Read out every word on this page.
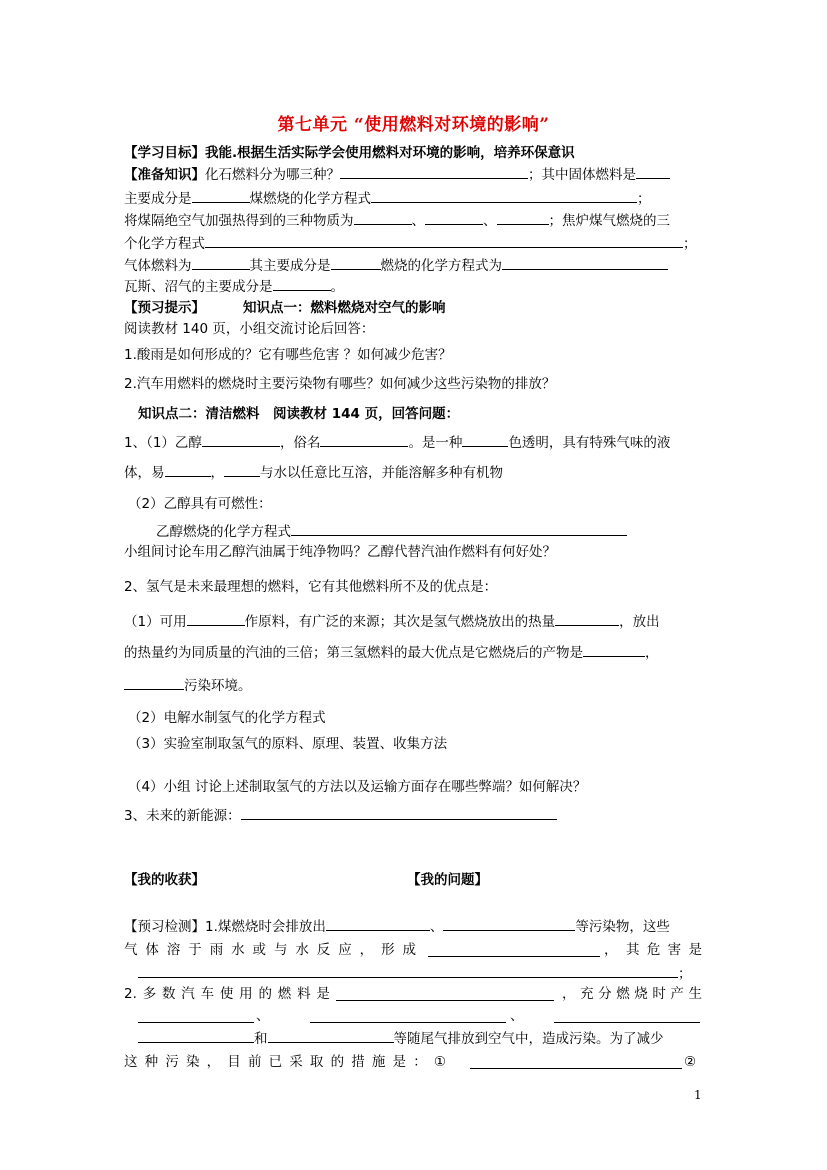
第七单元 “使用燃料对环境的影响”
【学习目标】我能.根据生活实际学会使用燃料对环境的影响，培养环保意识
【准备知识】化石燃料分为哪三种？	；其中固体燃料是
主要成分是	煤燃烧的化学方程式	；
将煤隔绝空气加强热得到的三种物质为	、	、	；焦炉煤气燃烧的三
个化学方程式	；
气体燃料为	其主要成分是	燃烧的化学方程式为
瓦斯、沼气的主要成分是	。
【预习提示】	知识点一：燃料燃烧对空气的影响
阅读教材 140 页，小组交流讨论后回答：
1.酸雨是如何形成的？它有哪些危害 ？如何减少危害？
2.汽车用燃料的燃烧时主要污染物有哪些？如何减少这些污染物的排放？
知识点二：清洁燃料　阅读教材 144 页，回答问题：
1、（1）乙醇	，俗名	。是一种	色透明，具有特殊气味的液
体，易	，	与水以任意比互溶，并能溶解多种有机物
（2）乙醇具有可燃性：
乙醇燃烧的化学方程式
小组间讨论车用乙醇汽油属于纯净物吗？乙醇代替汽油作燃料有何好处？
2、氢气是未来最理想的燃料，它有其他燃料所不及的优点是：
（1）可用	作原料，有广泛的来源；其次是氢气燃烧放出的热量	，放出
的热量约为同质量的汽油的三倍；第三氢燃料的最大优点是它燃烧后的产物是	，
污染环境。
（2）电解水制氢气的化学方程式
（3）实验室制取氢气的原料、原理、装置、收集方法
（4）小组 讨论上述制取氢气的方法以及运输方面存在哪些弊端？如何解决？
3、未来的新能源：
【我的收获】	【我的问题】
【预习检测】1.煤燃烧时会排放出	、	等污染物，这些
气 体 溶 于 雨 水 或 与 水 反 应 ， 形 成	， 其 危 害 是
；
2. 多 数 汽 车 使 用 的 燃 料 是	， 充 分 燃 烧 时 产 生
、	、
和	等随尾气排放到空气中，造成污染。为了减少
这 种 污 染 ， 目 前 已 采 取 的 措 施 是 ： ①	②
1
